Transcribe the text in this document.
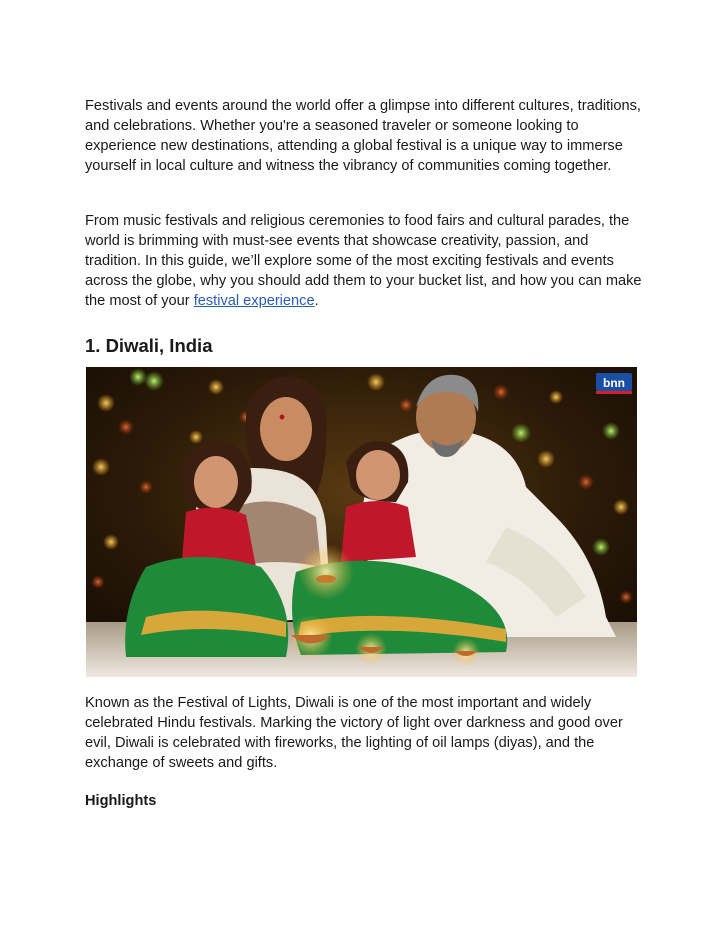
Festivals and events around the world offer a glimpse into different cultures, traditions, and celebrations. Whether you're a seasoned traveler or someone looking to experience new destinations, attending a global festival is a unique way to immerse yourself in local culture and witness the vibrancy of communities coming together.

From music festivals and religious ceremonies to food fairs and cultural parades, the world is brimming with must-see events that showcase creativity, passion, and tradition. In this guide, we’ll explore some of the most exciting festivals and events across the globe, why you should add them to your bucket list, and how you can make the most of your festival experience.

1. Diwali, India
bnn

Known as the Festival of Lights, Diwali is one of the most important and widely celebrated Hindu festivals. Marking the victory of light over darkness and good over evil, Diwali is celebrated with fireworks, the lighting of oil lamps (diyas), and the exchange of sweets and gifts.

Highlights
